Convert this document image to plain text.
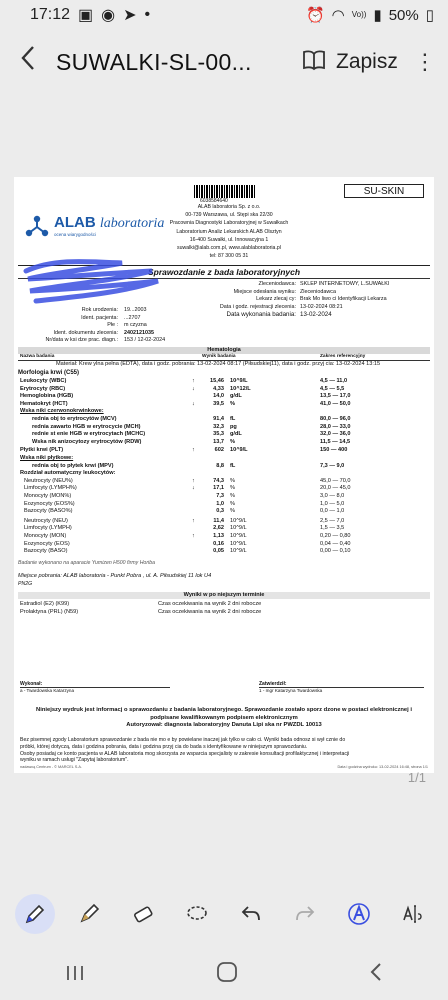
17:12 ▣ ◉ ➤ •	⏰ ◠ Vo)) ▮ 50% ▯
SUWALKI-SL-00...	Zapisz ⋮
6038584640
SU-SKIN
ALAB laboratoria
ocena wiarygodności
ALAB laboratoria Sp. z o.o.
00-739 Warszawa, ul. Stępi ska 22/30
Pracownia Diagnostyki Laboratoryjnej w Suwałkach
Laboratorium Analiz Lekarskich ALAB Olsztyn
16-400 Suwałki, ul. Innowacyjna 1
suwalki@alab.com.pl, www.alablaboratoria.pl
tel: 87 300 05 31
Sprawozdanie z bada laboratoryjnych
Rok urodzenia: 19...2003
Ident. pacjenta: ...2707
Płe : m czyzna
Ident. dokumentu zlecenia: 2402121035
Nr/data w ksi dze prac. diagn.: 153 / 12-02-2024
Zleceniodawca: SKLEP INTERNETOWY, L.SUWAŁKI
Miejsce odesłania wyniku: Zleceniodawca
Lekarz zlecaj cy: Brak Mo liwo ci Identyfikacji Lekarza
Data i godz. rejestracji zlecenia: 13-02-2024 08:21
Data wykonania badania: 13-02-2024
Hematologia
Nazwa badania	Wynik badania	Zakres referencyjny
Materiał: Krew ylna pełna (EDTA), data i godz. pobrania: 13-02-2024 08:17 (Piłsudskiej11), data i godz. przyj cia: 13-02-2024 13:15
Morfologia krwi (C55)
Leukocyty (WBC)	↑	15,46 10^9/L	4,5 — 11,0
Erytrocyty (RBC)	↓	4,33 10^12/L	4,5 — 5,5
Hemoglobina (HGB)	14,0 g/dL	13,5 — 17,0
Hematokryt (HCT)	↓	39,5 %	41,0 — 50,0
Wska niki czerwonokrwinkowe:
rednia obj to erytrocytów (MCV)	91,4 fL	80,0 — 96,0
rednia zawarto HGB w erytrocycie (MCH)	32,3 pg	28,0 — 33,0
rednie st enie HGB w erytrocytach (MCHC)	35,3 g/dL	32,0 — 36,0
Wska nik anizocytozy erytrocytów (RDW)	13,7 %	11,5 — 14,5
Płytki krwi (PLT)	↑	602 10^9/L	150 — 400
Wska niki płytkowe:
rednia obj to płytek krwi (MPV)	8,8 fL	7,3 — 9,0
Rozdział automatyczny leukocytów:
Neutrocyty (NEU%)	↑	74,3 %	45,0 — 70,0
Limfocyty (LYMPH%)	↓	17,1 %	20,0 — 45,0
Monocyty (MON%)	7,3 %	3,0 — 8,0
Eozynocyty (EOS%)	1,0 %	1,0 — 5,0
Bazocyty (BASO%)	0,3 %	0,0 — 1,0
Neutrocyty (NEU)	↑	11,4 10^9/L	2,5 — 7,0
Limfocyty (LYMPH)	2,62 10^9/L	1,5 — 3,5
Monocyty (MON)	↑	1,13 10^9/L	0,20 — 0,80
Eozynocyty (EOS)	0,16 10^9/L	0,04 — 0,40
Bazocyty (BASO)	0,05 10^9/L	0,00 — 0,10
Badanie wykonano na aparacie Yumizen H500 firmy Horiba
Miejsce pobrania: ALAB laboratoria - Punkt Pobra , ul. A. Piłsudskiej 11 lok U4
PN2G
Wyniki w po niejszym terminie
Estradiol (E2) (K99)	Czas oczekiwania na wynik 2 dni robocze
Prolaktyna (PRL) (N59)	Czas oczekiwania na wynik 2 dni robocze
Wykonał:
a - Twardowska Katarzyna
Zatwierdził:
1 - mgr Katarzyna Twardowska
Niniejszy wydruk jest informacj o sprawozdaniu z badania laboratoryjnego. Sprawozdanie zostało sporz dzone w postaci elektronicznej i
podpisane kwalifikowanym podpisem elektronicznym
Autoryzował: diagnosta laboratoryjny Danuta Lipi ska nr PWZDL 10013
Bez pisemnej zgody Laboratorium sprawozdanie z bada nie mo e by powielane inaczej jak tylko w cało ci. Wyniki bada odnosz si wył cznie do
próbki, której dotyczą, data i godzina pobrania, data i godzina przyj cia do bada s identyfikowane w niniejszym sprawozdaniu.
Osoby posiadaj ce konto pacjenta w ALAB laboratoria mog skorzysta ze wsparcia specjalisty w zakresie konsultacji profilaktycznej i interpretacji
wyniku w ramach usługi "Zapytaj laboratorium".
nadawcą Centrum - © MARCEL S.A.	Data i godzina wydruku: 13-02-2024 16:48, strona 1/1
1/1
